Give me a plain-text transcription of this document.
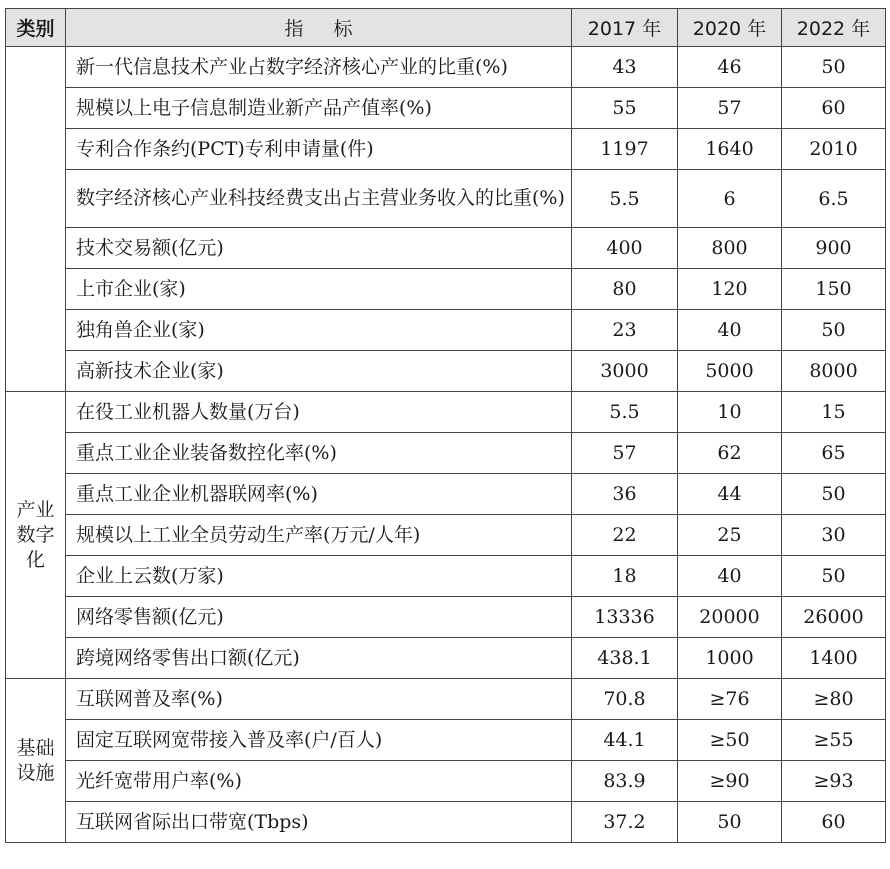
类别	指标	2017 年	2020 年	2022 年
	新一代信息技术产业占数字经济核心产业的比重(%)	43	46	50
	规模以上电子信息制造业新产品产值率(%)	55	57	60
	专利合作条约(PCT)专利申请量(件)	1197	1640	2010
	数字经济核心产业科技经费支出占主营业务收入的比重(%)	5.5	6	6.5
	技术交易额(亿元)	400	800	900
	上市企业(家)	80	120	150
	独角兽企业(家)	23	40	50
	高新技术企业(家)	3000	5000	8000
产业数字化	在役工业机器人数量(万台)	5.5	10	15
	重点工业企业装备数控化率(%)	57	62	65
	重点工业企业机器联网率(%)	36	44	50
	规模以上工业全员劳动生产率(万元/人年)	22	25	30
	企业上云数(万家)	18	40	50
	网络零售额(亿元)	13336	20000	26000
	跨境网络零售出口额(亿元)	438.1	1000	1400
基础设施	互联网普及率(%)	70.8	≥76	≥80
	固定互联网宽带接入普及率(户/百人)	44.1	≥50	≥55
	光纤宽带用户率(%)	83.9	≥90	≥93
	互联网省际出口带宽(Tbps)	37.2	50	60
